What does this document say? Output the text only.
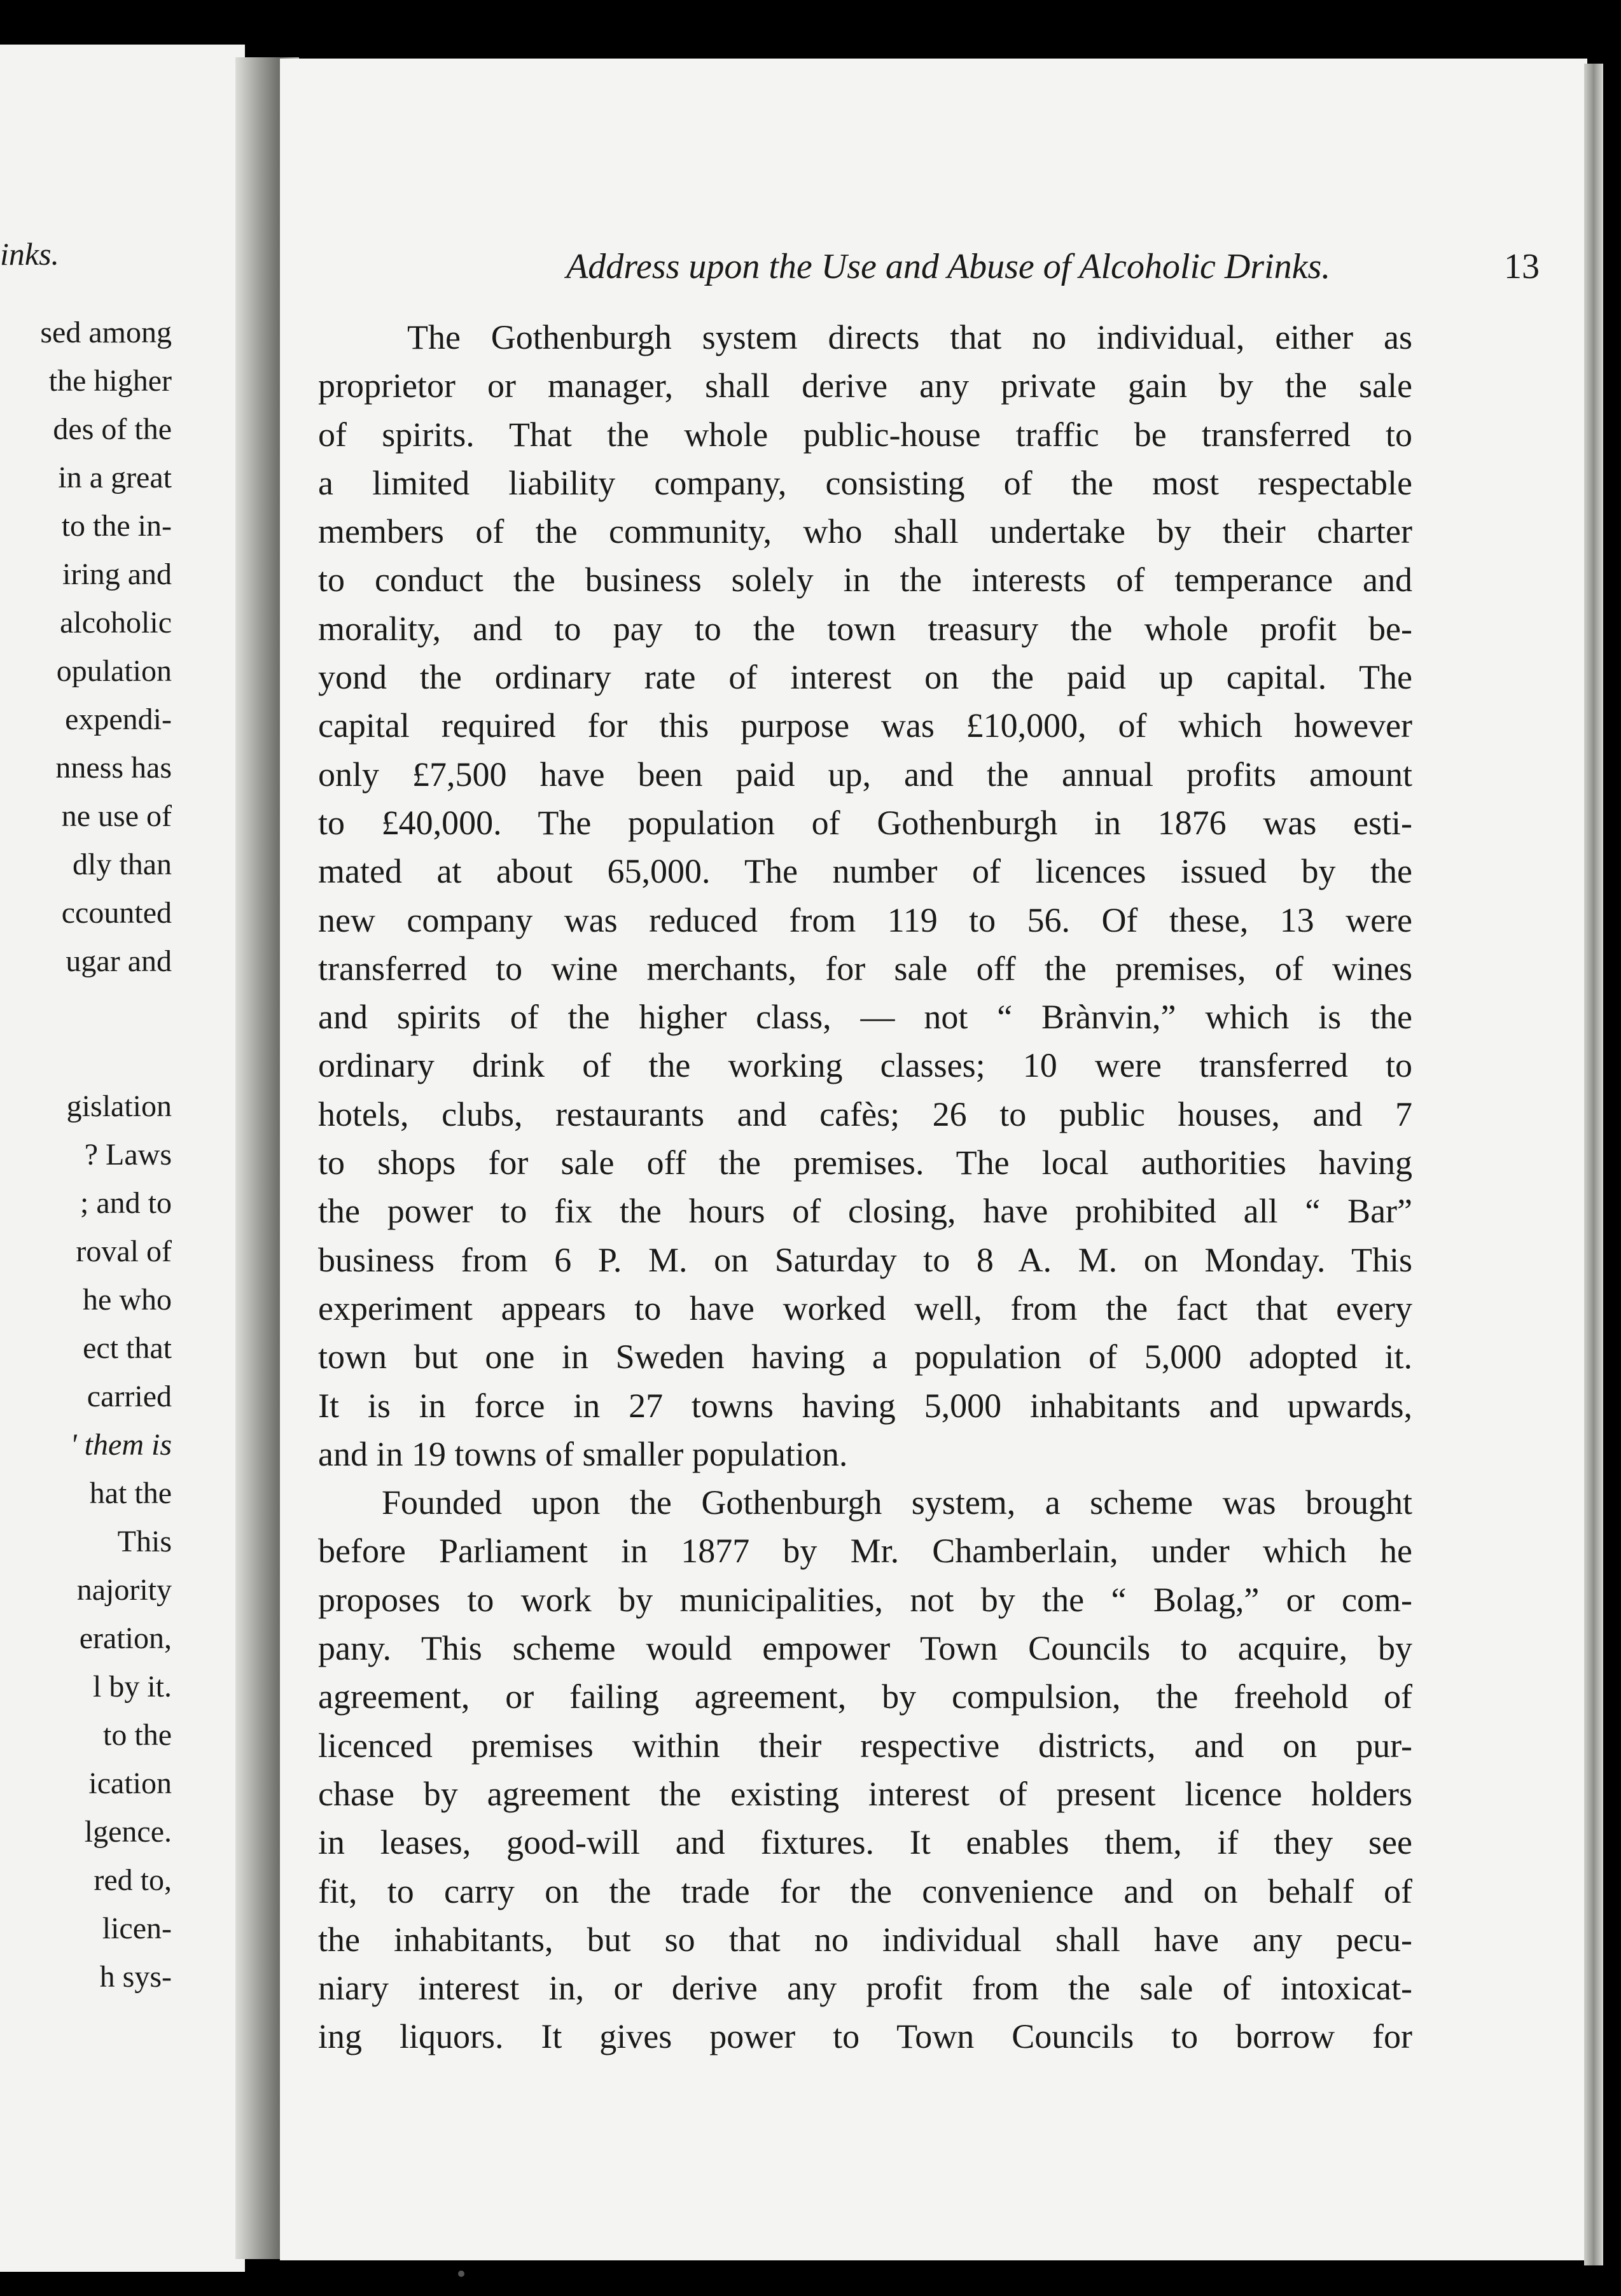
inks.
sed among
the higher
des of the
in a great
to the in-
iring and
alcoholic
opulation
expendi-
nness has
ne use of
dly than
ccounted
ugar and
gislation
? Laws
; and to
roval of
he who
ect that
carried
' them is
hat the
This
najority
eration,
l by it.
to the
ication
lgence.
red to,
licen-
h sys-
Address upon the Use and Abuse of Alcoholic Drinks.	13
The Gothenburgh system directs that no individual, either as
proprietor or manager, shall derive any private gain by the sale
of spirits. That the whole public-house traffic be transferred to
a limited liability company, consisting of the most respectable
members of the community, who shall undertake by their charter
to conduct the business solely in the interests of temperance and
morality, and to pay to the town treasury the whole profit be-
yond the ordinary rate of interest on the paid up capital. The
capital required for this purpose was £10,000, of which however
only £7,500 have been paid up, and the annual profits amount
to £40,000. The population of Gothenburgh in 1876 was esti-
mated at about 65,000. The number of licences issued by the
new company was reduced from 119 to 56. Of these, 13 were
transferred to wine merchants, for sale off the premises, of wines
and spirits of the higher class, — not “ Brànvin,” which is the
ordinary drink of the working classes; 10 were transferred to
hotels, clubs, restaurants and cafès; 26 to public houses, and 7
to shops for sale off the premises. The local authorities having
the power to fix the hours of closing, have prohibited all “ Bar”
business from 6 P. M. on Saturday to 8 A. M. on Monday. This
experiment appears to have worked well, from the fact that every
town but one in Sweden having a population of 5,000 adopted it.
It is in force in 27 towns having 5,000 inhabitants and upwards,
and in 19 towns of smaller population.
Founded upon the Gothenburgh system, a scheme was brought
before Parliament in 1877 by Mr. Chamberlain, under which he
proposes to work by municipalities, not by the “ Bolag,” or com-
pany. This scheme would empower Town Councils to acquire, by
agreement, or failing agreement, by compulsion, the freehold of
licenced premises within their respective districts, and on pur-
chase by agreement the existing interest of present licence holders
in leases, good-will and fixtures. It enables them, if they see
fit, to carry on the trade for the convenience and on behalf of
the inhabitants, but so that no individual shall have any pecu-
niary interest in, or derive any profit from the sale of intoxicat-
ing liquors. It gives power to Town Councils to borrow for
